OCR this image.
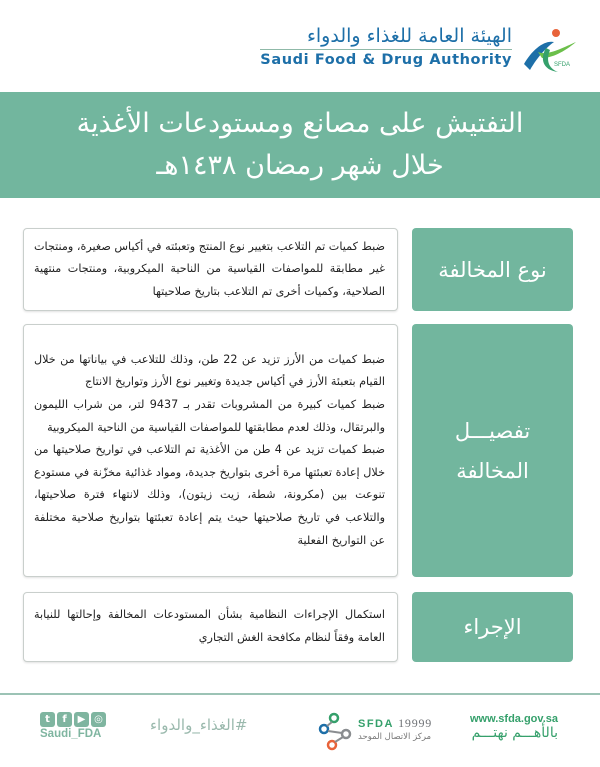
الهيئة العامة للغذاء والدواء
Saudi Food & Drug Authority	SFDA
التفتيش على مصانع ومستودعات الأغذية
خلال شهر رمضان ١٤٣٨هـ

ضبط كميات تم التلاعب بتغيير نوع المنتج وتعبئته في أكياس صغيرة، ومنتجات غير مطابقة للمواصفات القياسية من الناحية الميكروبية، ومنتجات منتهية الصلاحية، وكميات أخرى تم التلاعب بتاريخ صلاحيتها

نوع المخالفة

ضبط كميات من الأرز تزيد عن 22 طن، وذلك للتلاعب في بياناتها من خلال القيام بتعبئة الأرز في أكياس جديدة وتغيير نوع الأرز وتواريخ الانتاج

ضبط كميات كبيرة من المشروبات تقدر بـ 9437 لتر، من شراب الليمون والبرتقال، وذلك لعدم مطابقتها للمواصفات القياسية من الناحية الميكروبية

ضبط كميات تزيد عن 4 طن من الأغذية تم التلاعب في تواريخ صلاحيتها من خلال إعادة تعبئتها مرة أخرى بتواريخ جديدة، ومواد غذائية مخزّنة في مستودع تنوعت بين (مكرونة، شطة، زيت زيتون)، وذلك لانتهاء فترة صلاحيتها، والتلاعب في تاريخ صلاحيتها حيث يتم إعادة تعبئتها بتواريخ صلاحية مختلفة عن التواريخ الفعلية

تفصيـــل
المخالفة

استكمال الإجراءات النظامية بشأن المستودعات المخالفة وإحالتها للنيابة العامة وفقاً لنظام مكافحة الغش التجاري	الإجراء
t	f	▶ ◎
Saudi_FDA	#الغذاء_والدواء	SFDA 19999
مركز الاتصال الموحد
www.sfda.gov.sa
بالأهـــم نهتـــم
